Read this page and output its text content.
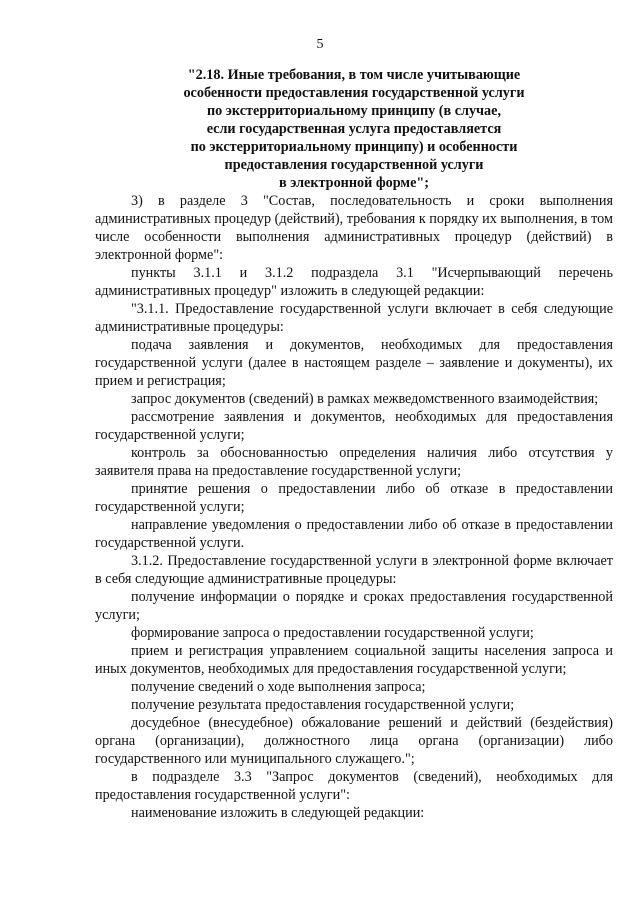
5
"2.18. Иные требования, в том числе учитывающие
особенности предоставления государственной услуги
по экстерриториальному принципу (в случае,
если государственная услуга предоставляется
по экстерриториальному принципу) и особенности
предоставления государственной услуги
в электронной форме";

3) в разделе 3 "Состав, последовательность и сроки выполнения административных процедур (действий), требования к порядку их выполнения, в том числе особенности выполнения административных процедур (действий) в электронной форме":

пункты 3.1.1 и 3.1.2 подраздела 3.1 "Исчерпывающий перечень административных процедур" изложить в следующей редакции:

"3.1.1. Предоставление государственной услуги включает в себя следующие административные процедуры:

подача заявления и документов, необходимых для предоставления государственной услуги (далее в настоящем разделе – заявление и документы), их прием и регистрация;

запрос документов (сведений) в рамках межведомственного взаимодействия;

рассмотрение заявления и документов, необходимых для предоставления государственной услуги;

контроль за обоснованностью определения наличия либо отсутствия у заявителя права на предоставление государственной услуги;

принятие решения о предоставлении либо об отказе в предоставлении государственной услуги;

направление уведомления о предоставлении либо об отказе в предоставлении государственной услуги.

3.1.2. Предоставление государственной услуги в электронной форме включает в себя следующие административные процедуры:

получение информации о порядке и сроках предоставления государственной услуги;

формирование запроса о предоставлении государственной услуги;

прием и регистрация управлением социальной защиты населения запроса и иных документов, необходимых для предоставления государственной услуги;

получение сведений о ходе выполнения запроса;

получение результата предоставления государственной услуги;

досудебное (внесудебное) обжалование решений и действий (бездействия) органа (организации), должностного лица органа (организации) либо государственного или муниципального служащего.";

в подразделе 3.3 "Запрос документов (сведений), необходимых для предоставления государственной услуги":

наименование изложить в следующей редакции:
